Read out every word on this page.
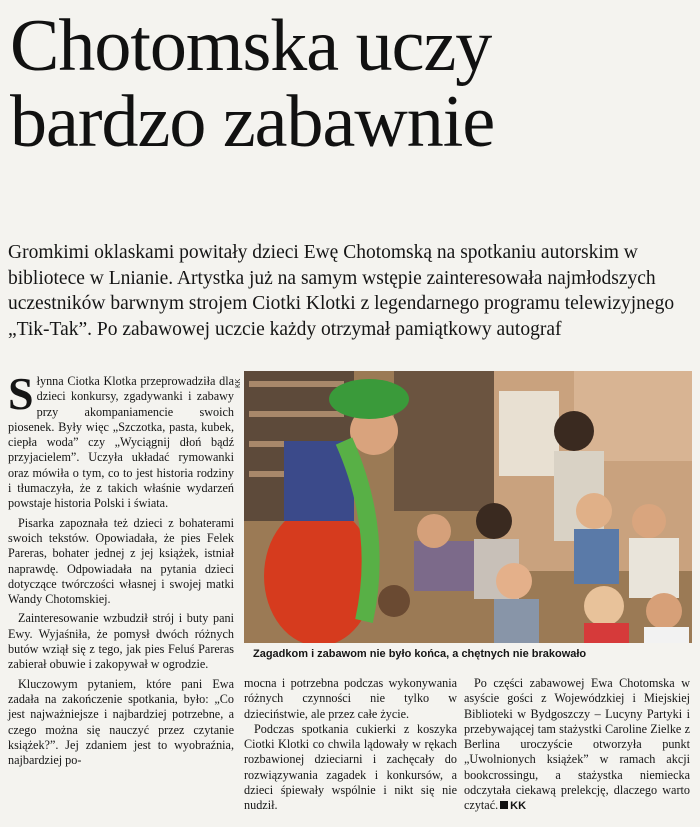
Chotomska uczy
bardzo zabawnie

Gromkimi oklaskami powitały dzieci Ewę Chotomską na spotkaniu autorskim w bibliotece w Lnianie. Artystka już na samym wstępie zainteresowała najmłodszych uczestników barwnym strojem Ciotki Klotki z legendarnego programu telewizyjnego „Tik-Tak”. Po zabawowej uczcie każdy otrzymał pamiątkowy autograf

Słynna Ciotka Klotka przeprowadziła dla dzieci konkursy, zgadywanki i zabawy przy akompaniamencie swoich piosenek. Były więc „Szczotka, pasta, kubek, ciepła woda” czy „Wyciągnij dłoń bądź przyjacielem”. Uczyła układać rymowanki oraz mówiła o tym, co to jest historia rodziny i tłumaczyła, że z takich właśnie wydarzeń powstaje historia Polski i świata.

Pisarka zapoznała też dzieci z bohaterami swoich tekstów. Opowiadała, że pies Felek Pareras, bohater jednej z jej książek, istniał naprawdę. Odpowiadała na pytania dzieci dotyczące twórczości własnej i swojej matki Wandy Chotomskiej.

Zainteresowanie wzbudził strój i buty pani Ewy. Wyjaśniła, że pomysł dwóch różnych butów wziął się z tego, jak pies Feluś Pareras zabierał obuwie i zakopywał w ogrodzie.

Kluczowym pytaniem, które pani Ewa zadała na zakończenie spotkania, było: „Co jest najważniejsze i najbardziej potrzebne, a czego można się nauczyć przez czytanie książek?”. Jej zdaniem jest to wyobraźnia, najbardziej po-

KK
Zagadkom i zabawom nie było końca, a chętnych nie brakowało

mocna i potrzebna podczas wykonywania różnych czynności nie tylko w dzieciństwie, ale przez całe życie.

Podczas spotkania cukierki z koszyka Ciotki Klotki co chwila lądowały w rękach rozbawionej dzieciarni i zachęcały do rozwiązywania zagadek i konkursów, a dzieci śpiewały wspólnie i nikt się nie nudził.

Po części zabawowej Ewa Chotomska w asyście gości z Wojewódzkiej i Miejskiej Biblioteki w Bydgoszczy – Lucyny Partyki i przebywającej tam stażystki Caroline Zielke z Berlina uroczyście otworzyła punkt „Uwolnionych książek” w ramach akcji bookcrossingu, a stażystka niemiecka odczytała ciekawą prelekcję, dlaczego warto czytać. KK
